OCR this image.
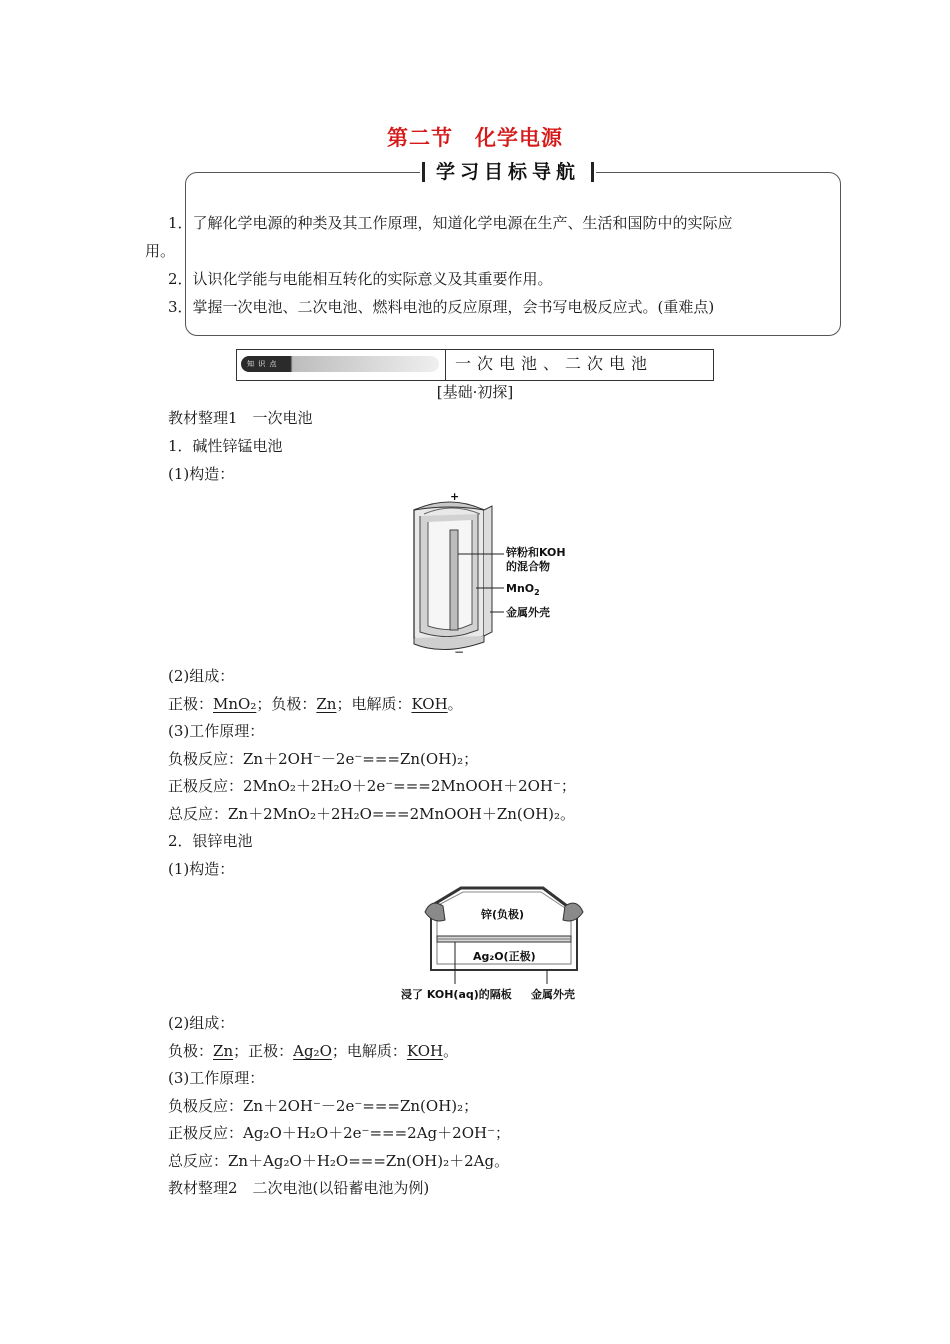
第二节　化学电源
学习目标导航
1．了解化学电源的种类及其工作原理，知道化学电源在生产、生活和国防中的实际应
用。
2．认识化学能与电能相互转化的实际意义及其重要作用。
3．掌握一次电池、二次电池、燃料电池的反应原理，会书写电极反应式。(重难点)
知 识 点	一次电池、二次电池
[基础·初探]
教材整理1　一次电池
1．碱性锌锰电池
(1)构造：
+
−
锌粉和KOH
的混合物
MnO$_2$
金属外壳
(2)组成：
正极：MnO₂；负极：Zn；电解质：KOH。
(3)工作原理：
负极反应：Zn＋2OH⁻－2e⁻===Zn(OH)₂；
正极反应：2MnO₂＋2H₂O＋2e⁻===2MnOOH＋2OH⁻；
总反应：Zn＋2MnO₂＋2H₂O===2MnOOH＋Zn(OH)₂。
2．银锌电池
(1)构造：
锌(负极)
Ag₂O(正极)
浸了 KOH(aq)的隔板 金属外壳
(2)组成：
负极：Zn；正极：Ag₂O；电解质：KOH。
(3)工作原理：
负极反应：Zn＋2OH⁻－2e⁻===Zn(OH)₂；
正极反应：Ag₂O＋H₂O＋2e⁻===2Ag＋2OH⁻；
总反应：Zn＋Ag₂O＋H₂O===Zn(OH)₂＋2Ag。
教材整理2　二次电池(以铅蓄电池为例)
